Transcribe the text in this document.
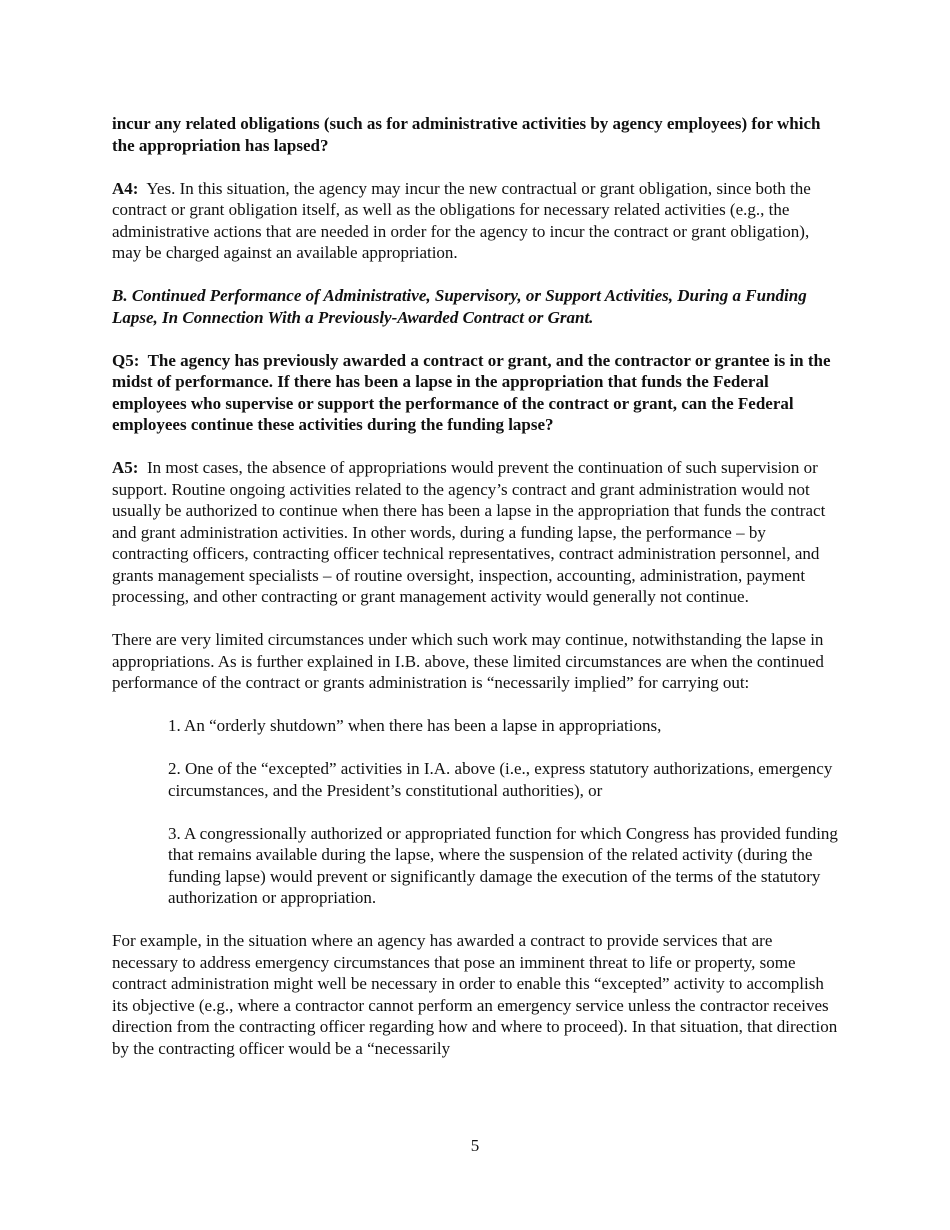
incur any related obligations (such as for administrative activities by agency employees) for which the appropriation has lapsed?

A4: Yes. In this situation, the agency may incur the new contractual or grant obligation, since both the contract or grant obligation itself, as well as the obligations for necessary related activities (e.g., the administrative actions that are needed in order for the agency to incur the contract or grant obligation), may be charged against an available appropriation.

B. Continued Performance of Administrative, Supervisory, or Support Activities, During a Funding Lapse, In Connection With a Previously-Awarded Contract or Grant.

Q5: The agency has previously awarded a contract or grant, and the contractor or grantee is in the midst of performance. If there has been a lapse in the appropriation that funds the Federal employees who supervise or support the performance of the contract or grant, can the Federal employees continue these activities during the funding lapse?

A5: In most cases, the absence of appropriations would prevent the continuation of such supervision or support. Routine ongoing activities related to the agency’s contract and grant administration would not usually be authorized to continue when there has been a lapse in the appropriation that funds the contract and grant administration activities. In other words, during a funding lapse, the performance – by contracting officers, contracting officer technical representatives, contract administration personnel, and grants management specialists – of routine oversight, inspection, accounting, administration, payment processing, and other contracting or grant management activity would generally not continue.

There are very limited circumstances under which such work may continue, notwithstanding the lapse in appropriations. As is further explained in I.B. above, these limited circumstances are when the continued performance of the contract or grants administration is “necessarily implied” for carrying out:

1. An “orderly shutdown” when there has been a lapse in appropriations,

2. One of the “excepted” activities in I.A. above (i.e., express statutory authorizations, emergency circumstances, and the President’s constitutional authorities), or

3. A congressionally authorized or appropriated function for which Congress has provided funding that remains available during the lapse, where the suspension of the related activity (during the funding lapse) would prevent or significantly damage the execution of the terms of the statutory authorization or appropriation.

For example, in the situation where an agency has awarded a contract to provide services that are necessary to address emergency circumstances that pose an imminent threat to life or property, some contract administration might well be necessary in order to enable this “excepted” activity to accomplish its objective (e.g., where a contractor cannot perform an emergency service unless the contractor receives direction from the contracting officer regarding how and where to proceed). In that situation, that direction by the contracting officer would be a “necessarily

5
